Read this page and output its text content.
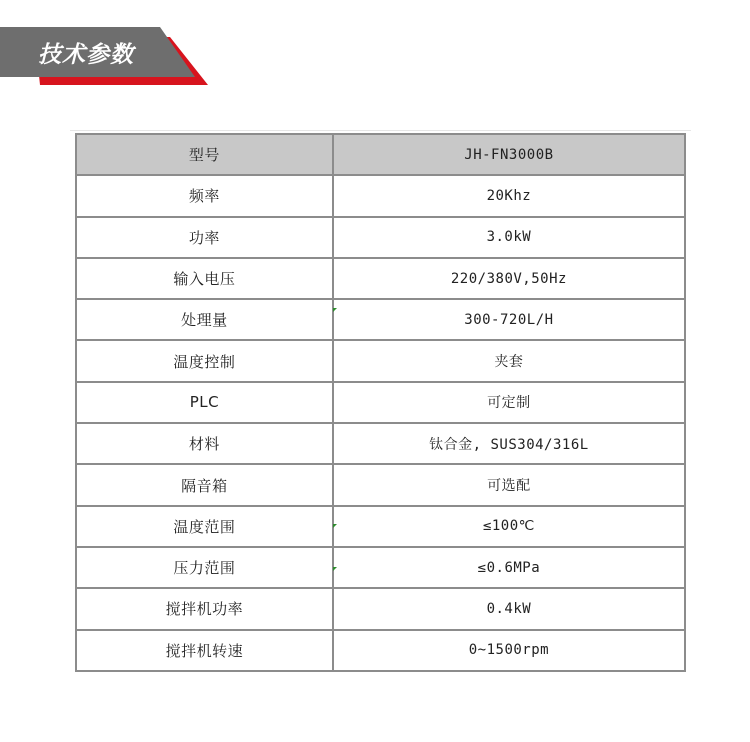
技术参数
型号	JH-FN3000B
频率	20Khz
功率	3.0kW
输入电压	220/380V,50Hz
处理量	300-720L/H
温度控制	夹套
PLC	可定制
材料	钛合金, SUS304/316L
隔音箱	可选配
温度范围	≤100℃
压力范围	≤0.6MPa
搅拌机功率	0.4kW
搅拌机转速	0~1500rpm
